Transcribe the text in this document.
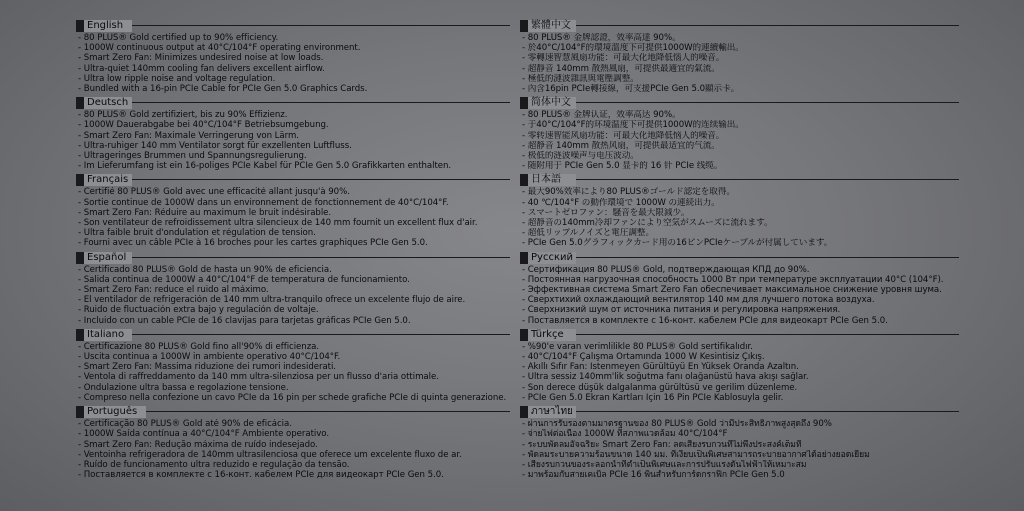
English
- 80 PLUS® Gold certified up to 90% efficiency.
- 1000W continuous output at 40°C/104°F operating environment.
- Smart Zero Fan: Minimizes undesired noise at low loads.
- Ultra-quiet 140mm cooling fan delivers excellent airflow.
- Ultra low ripple noise and voltage regulation.
- Bundled with a 16-pin PCIe Cable for PCIe Gen 5.0 Graphics Cards.
Deutsch
- 80 PLUS® Gold zertifiziert, bis zu 90% Effizienz.
- 1000W Dauerabgabe bei 40°C/104°F Betriebsumgebung.
- Smart Zero Fan: Maximale Verringerung von Lärm.
- Ultra-ruhiger 140 mm Ventilator sorgt für exzellenten Luftfluss.
- Ultrageringes Brummen und Spannungsregulierung.
- Im Lieferumfang ist ein 16-poliges PCIe Kabel für PCIe Gen 5.0 Grafikkarten enthalten.
Français
- Certifié 80 PLUS® Gold avec une efficacité allant jusqu'à 90%.
- Sortie continue de 1000W dans un environnement de fonctionnement de 40°C/104°F.
- Smart Zero Fan: Réduire au maximum le bruit indésirable.
- Son ventilateur de refroidissement ultra silencieux de 140 mm fournit un excellent flux d'air.
- Ultra faible bruit d'ondulation et régulation de tension.
- Fourni avec un câble PCIe à 16 broches pour les cartes graphiques PCIe Gen 5.0.
Español
- Certificado 80 PLUS® Gold de hasta un 90% de eficiencia.
- Salida continua de 1000W a 40°C/104°F de temperatura de funcionamiento.
- Smart Zero Fan: reduce el ruido al máximo.
- El ventilador de refrigeración de 140 mm ultra-tranquilo ofrece un excelente flujo de aire.
- Ruido de fluctuación extra bajo y regulación de voltaje.
- Incluido con un cable PCIe de 16 clavijas para tarjetas gráficas PCIe Gen 5.0.
Italiano
- Certificazione 80 PLUS® Gold fino all'90% di efficienza.
- Uscita continua a 1000W in ambiente operativo 40°C/104°F.
- Smart Zero Fan: Massima riduzione dei rumori indesiderati.
- Ventola di raffreddamento da 140 mm ultra-silenziosa per un flusso d'aria ottimale.
- Ondulazione ultra bassa e regolazione tensione.
- Compreso nella confezione un cavo PCIe da 16 pin per schede grafiche PCIe di quinta generazione.
Português
- Certificação 80 PLUS® Gold até 90% de eficácia.
- 1000W Saída contínua a 40°C/104°F Ambiente operativo.
- Smart Zero Fan: Redução máxima de ruído indesejado.
- Ventoinha refrigeradora de 140mm ultrasilenciosa que oferece um excelente fluxo de ar.
- Ruído de funcionamento ultra reduzido e regulação da tensão.
- Поставляется в комплекте с 16-конт. кабелем PCIe для видеокарт PCIe Gen 5.0.
繁體中文
- 80 PLUS® 金牌認證，效率高達 90%。
- 於40°C/104°F的環境溫度下可提供1000W的連續輸出。
- 零轉速智慧風扇功能：可最大化地降低惱人的噪音。
- 超靜音 140mm 散熱風扇，可提供最適宜的氣流。
- 極低的漣波雜訊與電壓調整。
- 內含16pin PCIe轉接線，可支援PCIe Gen 5.0顯示卡。
简体中文
- 80 PLUS® 金牌认证，效率高达 90%。
- 于40°C/104°F的环境温度下可提供1000W的连续输出。
- 零转速智能风扇功能：可最大化地降低恼人的噪音。
- 超静音 140mm 散热风扇，可提供最适宜的气流。
- 极低的涟波噪声与电压波动。
- 随附用于 PCIe Gen 5.0 显卡的 16 针 PCIe 线缆。
日本語
- 最大90%效率により80 PLUS®ゴールド認定を取得。
- 40 ℃/104°F の動作環境で 1000W の連続出力。
- スマートゼロファン：騒音を最大限減少。
- 超静音の140mm冷却ファンにより空気がスムーズに流れます。
- 超低リップルノイズと電圧調整。
- PCIe Gen 5.0グラフィックカード用の16ピンPCIeケーブルが付属しています。
Русский
- Сертификация 80 PLUS® Gold, подтверждающая КПД до 90%.
- Постоянная нагрузочная способность 1000 Вт при температуре эксплуатации 40°C (104°F).
- Эффективная система Smart Zero Fan обеспечивает максимальное снижение уровня шума.
- Сверхтихий охлаждающий вентилятор 140 мм для лучшего потока воздуха.
- Сверхнизкий шум от источника питания и регулировка напряжения.
- Поставляется в комплекте с 16-конт. кабелем PCIe для видеокарт PCIe Gen 5.0.
Türkçe
- %90'e varan verimlilikle 80 PLUS® Gold sertifikalıdır.
- 40°C/104°F Çalışma Ortamında 1000 W Kesintisiz Çıkış.
- Akıllı Sıfır Fan: İstenmeyen Gürültüyü En Yüksek Oranda Azaltın.
- Ultra sessiz 140mm'lik soğutma fanı olağanüstü hava akışı sağlar.
- Son derece düşük dalgalanma gürültüsü ve gerilim düzenleme.
- PCIe Gen 5.0 Ekran Kartları İçin 16 Pin PCIe Kablosuyla gelir.
ภาษาไทย
- ผ่านการรับรองตามมาตรฐานของ 80 PLUS® Gold ว่ามีประสิทธิภาพสูงสุดถึง 90%
- จ่ายไฟต่อเนื่อง 1000W ที่สภาพแวดล้อม 40°C/104°F
- ระบบพัดลมอัจฉริยะ Smart Zero Fan: ลดเสียงรบกวนที่ไม่พึงประสงค์เต็มที่
- พัดลมระบายความร้อนขนาด 140 มม. ที่เงียบเป็นพิเศษสามารถระบายอากาศได้อย่างยอดเยี่ยม
- เสียงรบกวนของระลอกน้ำที่ต่ำเป็นพิเศษและการปรับแรงดันไฟฟ้าให้เหมาะสม
- มาพร้อมกับสายเคเบิล PCIe 16 พินสำหรับการ์ดกราฟิก PCIe Gen 5.0
